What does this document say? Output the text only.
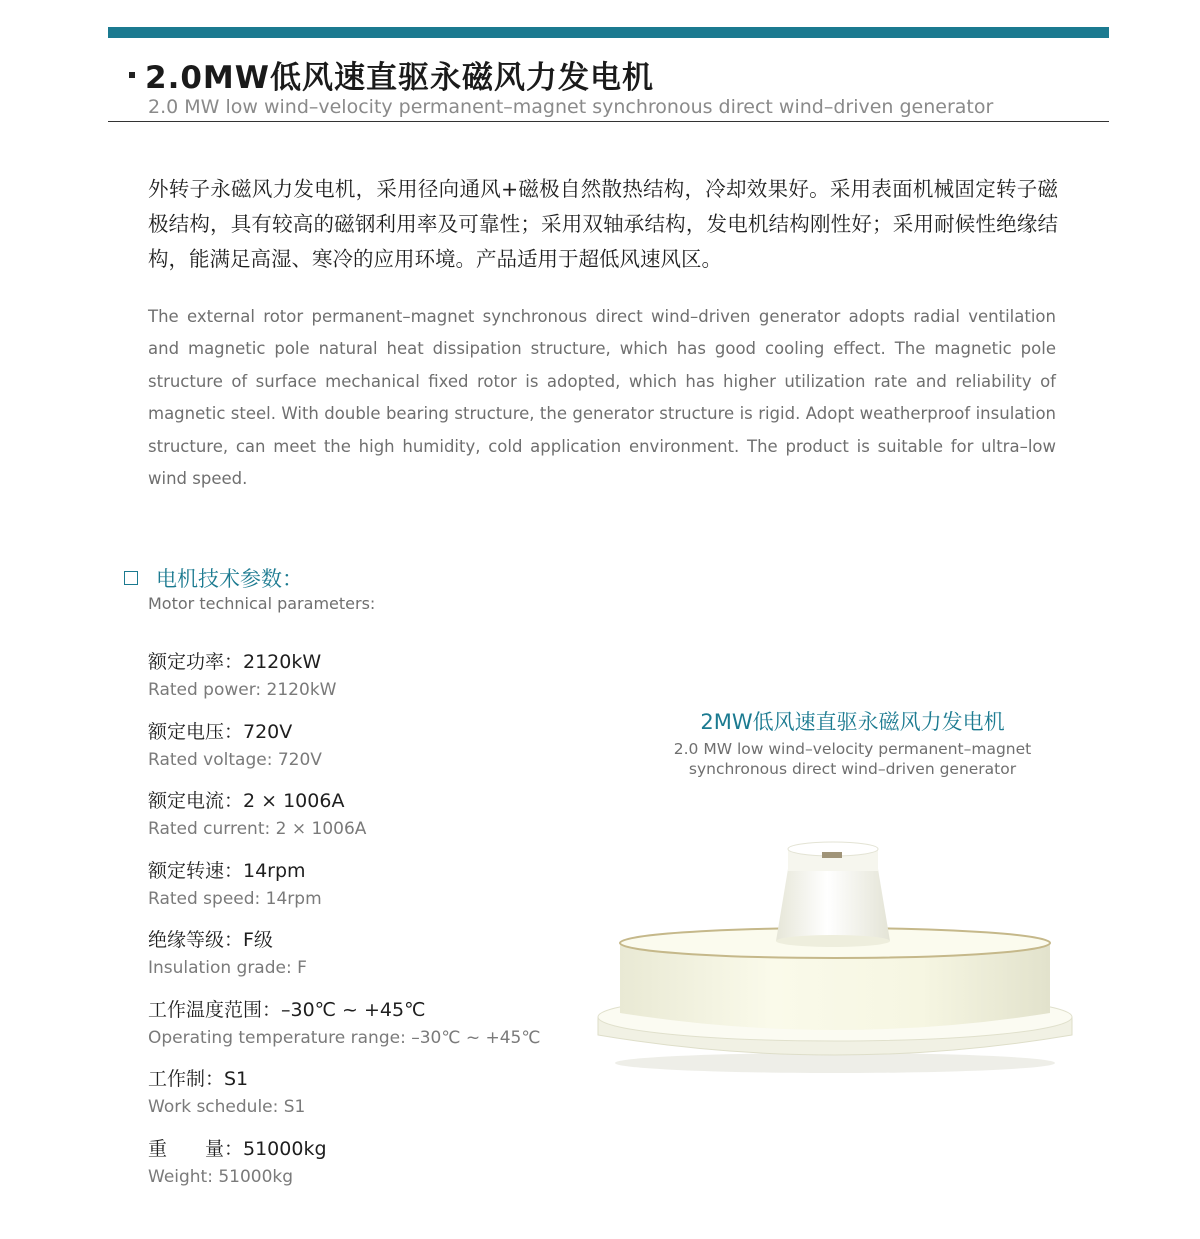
2.0MW低风速直驱永磁风力发电机
2.0 MW low wind–velocity permanent–magnet synchronous direct wind–driven generator

外转子永磁风力发电机，采用径向通风+磁极自然散热结构，冷却效果好。采用表面机械固定转子磁极结构，具有较高的磁钢利用率及可靠性；采用双轴承结构，发电机结构刚性好；采用耐候性绝缘结构，能满足高湿、寒冷的应用环境。产品适用于超低风速风区。

The external rotor permanent–magnet synchronous direct wind–driven generator adopts radial ventilation and magnetic pole natural heat dissipation structure, which has good cooling effect. The magnetic pole structure of surface mechanical fixed rotor is adopted, which has higher utilization rate and reliability of magnetic steel. With double bearing structure, the generator structure is rigid. Adopt weatherproof insulation structure, can meet the high humidity, cold application environment. The product is suitable for ultra–low wind speed.

电机技术参数：
Motor technical parameters:
额定功率：2120kW
Rated power: 2120kW
额定电压：720V
Rated voltage: 720V
额定电流：2 × 1006A
Rated current: 2 × 1006A
额定转速：14rpm
Rated speed: 14rpm
绝缘等级：F级
Insulation grade: F
工作温度范围：–30℃ ~ +45℃
Operating temperature range: –30℃ ~ +45℃
工作制：S1
Work schedule: S1
重　　量：51000kg
Weight: 51000kg
2MW低风速直驱永磁风力发电机
2.0 MW low wind–velocity permanent–magnet
synchronous direct wind–driven generator
